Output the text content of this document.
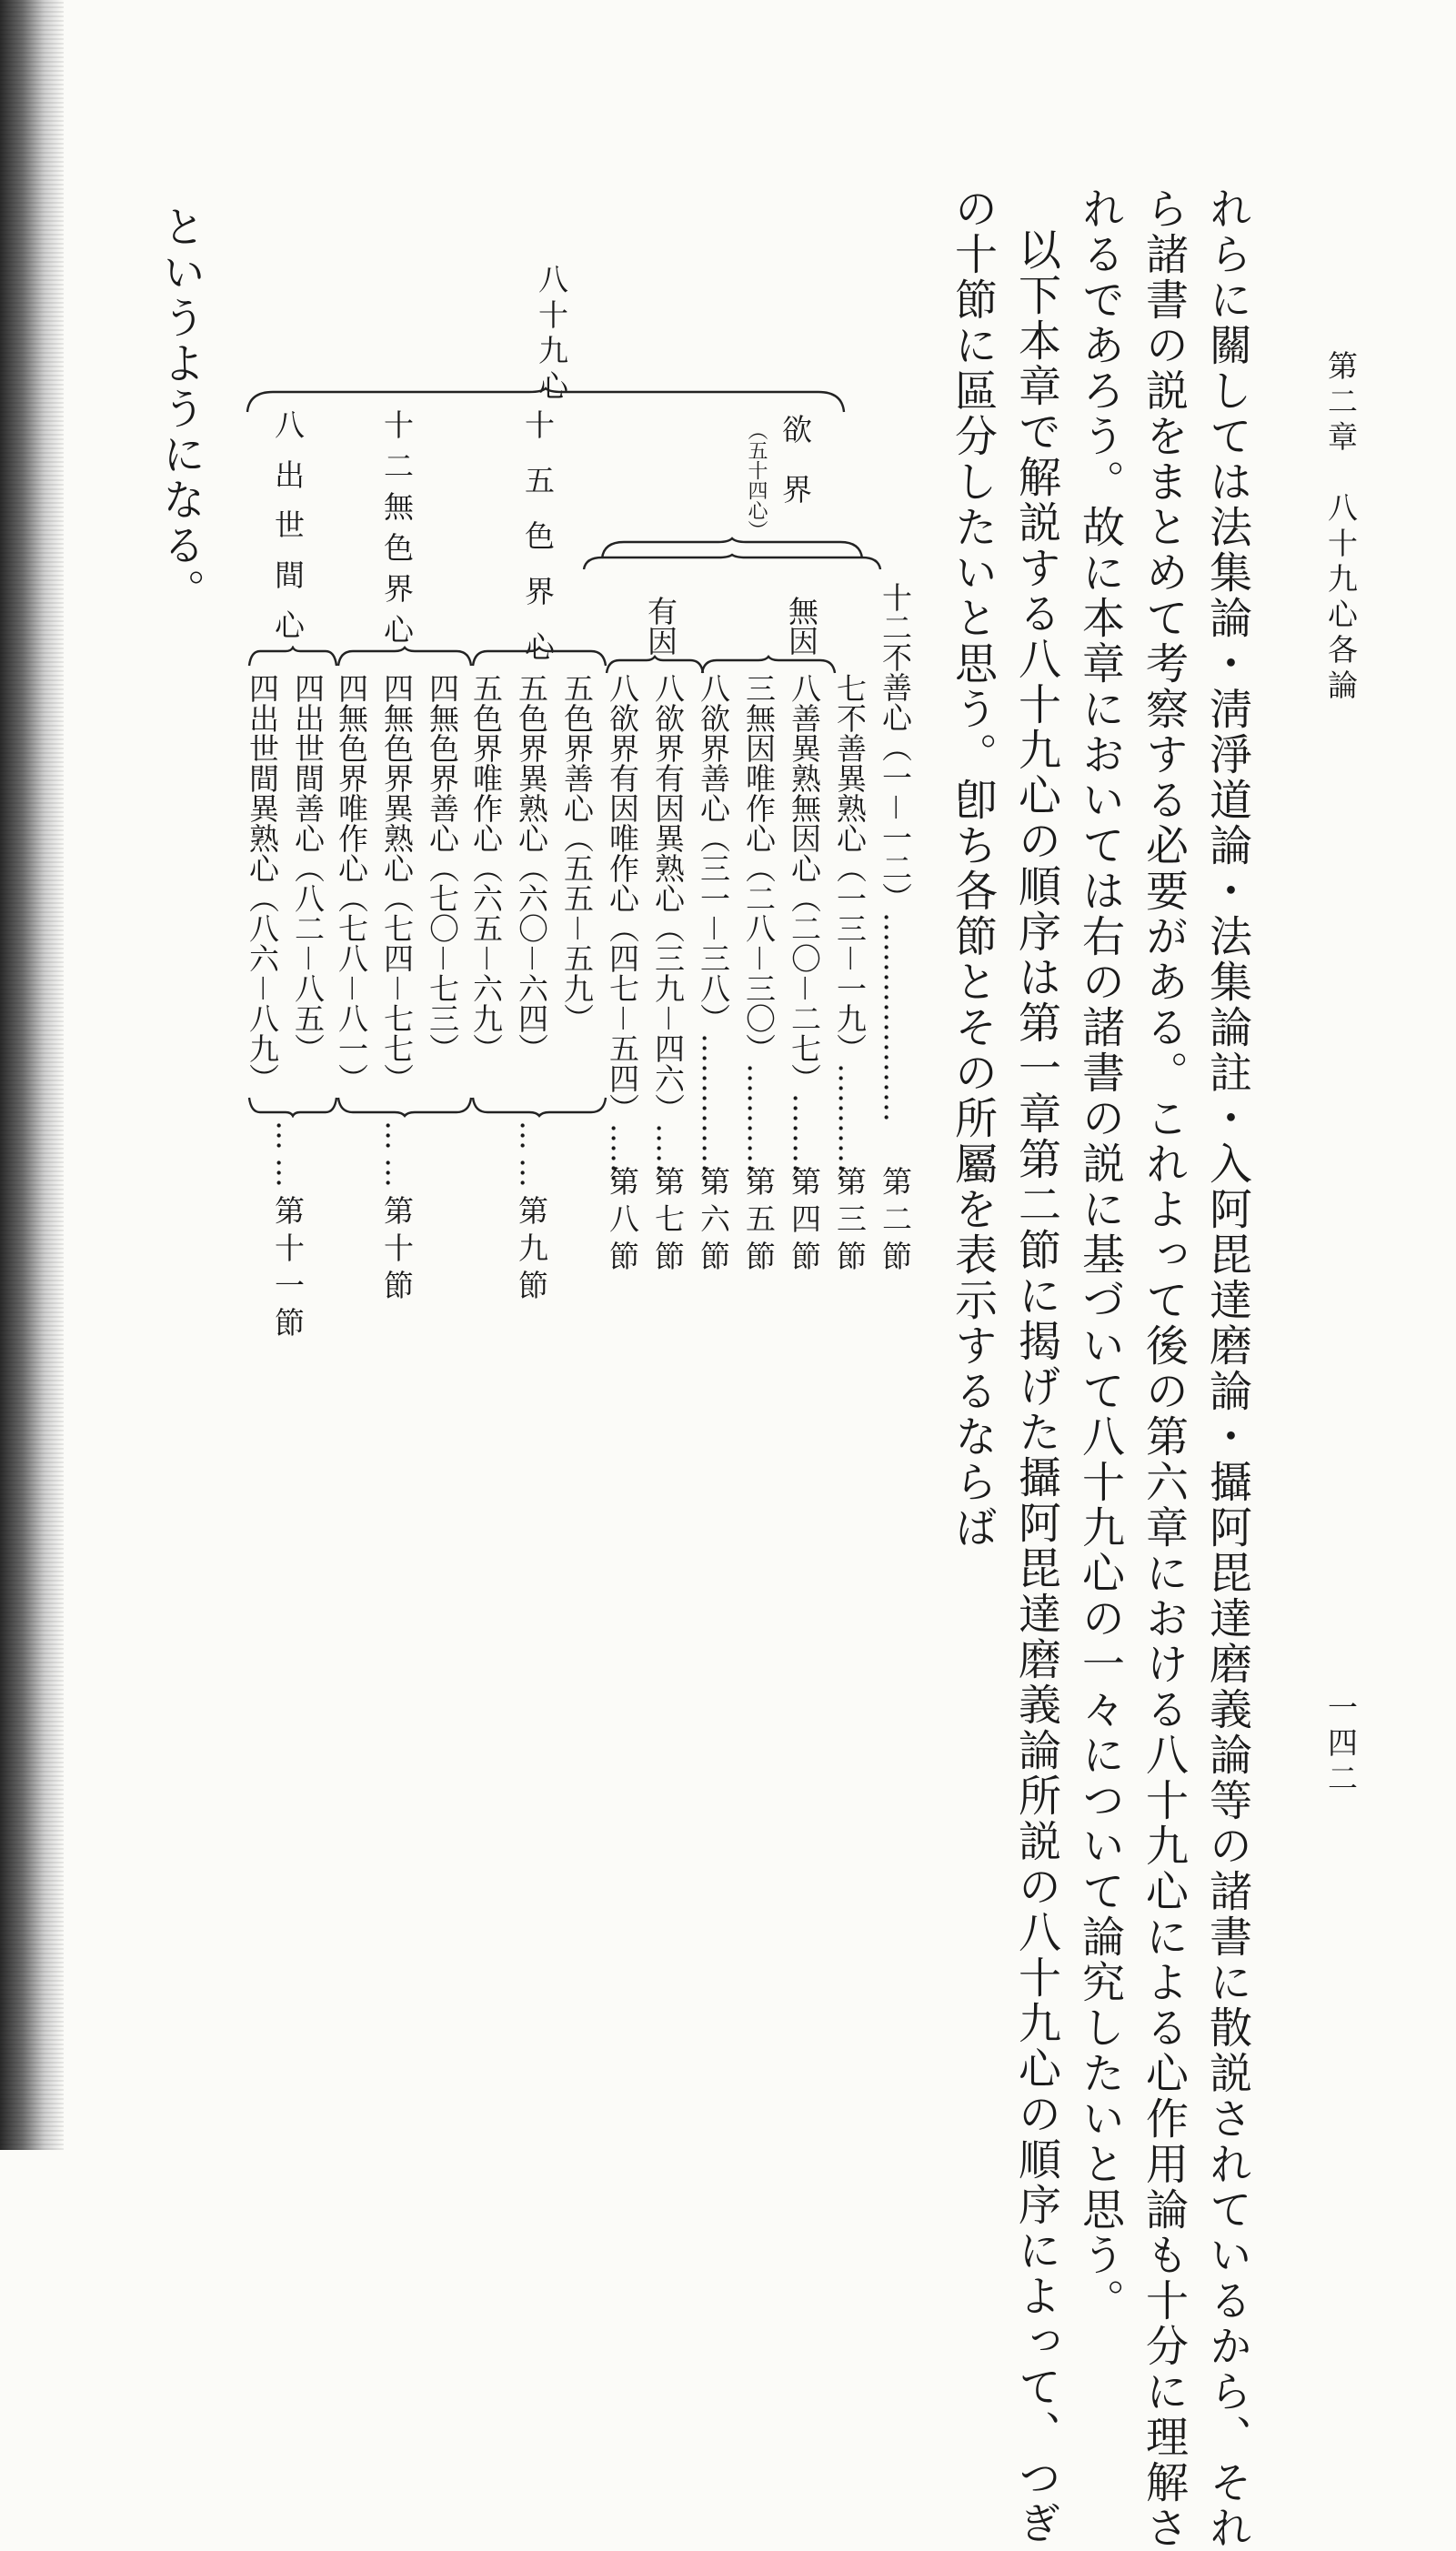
第二章　八十九心各論
一四二
れらに關しては法集論・淸淨道論・法集論註・入阿毘達磨論・攝阿毘達磨義論等の諸書に散説されているから、それ
ら諸書の説をまとめて考察する必要がある。これよって後の第六章における八十九心による心作用論も十分に理解さ
れるであろう。故に本章においては右の諸書の説に基づいて八十九心の一々について論究したいと思う。
以下本章で解説する八十九心の順序は第一章第二節に揭げた攝阿毘達磨義論所説の八十九心の順序によって、つぎ
の十節に區分したいと思う。卽ち各節とその所屬を表示するならば
八十九心
欲　界
（五十四心）
無因
有因	十二不善心（一－一二）…………………
七不善異熟心（一三－一九）…………
八善異熟無因心（二〇－二七）………
三無因唯作心（二八－三〇）…………
八欲界善心（三一－三八）……………
八欲界有因異熟心（三九－四六）……
八欲界有因唯作心（四七－五四）……
第二節
第三節
第四節
第五節
第六節
第七節
第八節
十五色界心
五色界善心（五五－五九）
五色界異熟心（六〇－六四）
五色界唯作心（六五－六九）
……第九節
十二無色界心
四無色界善心（七〇－七三）
四無色界異熟心（七四－七七）
四無色界唯作心（七八－八一）
……第十節
八出世間心
四出世間善心（八二－八五）
四出世間異熟心（八六－八九）
……第十一節
というようになる。
